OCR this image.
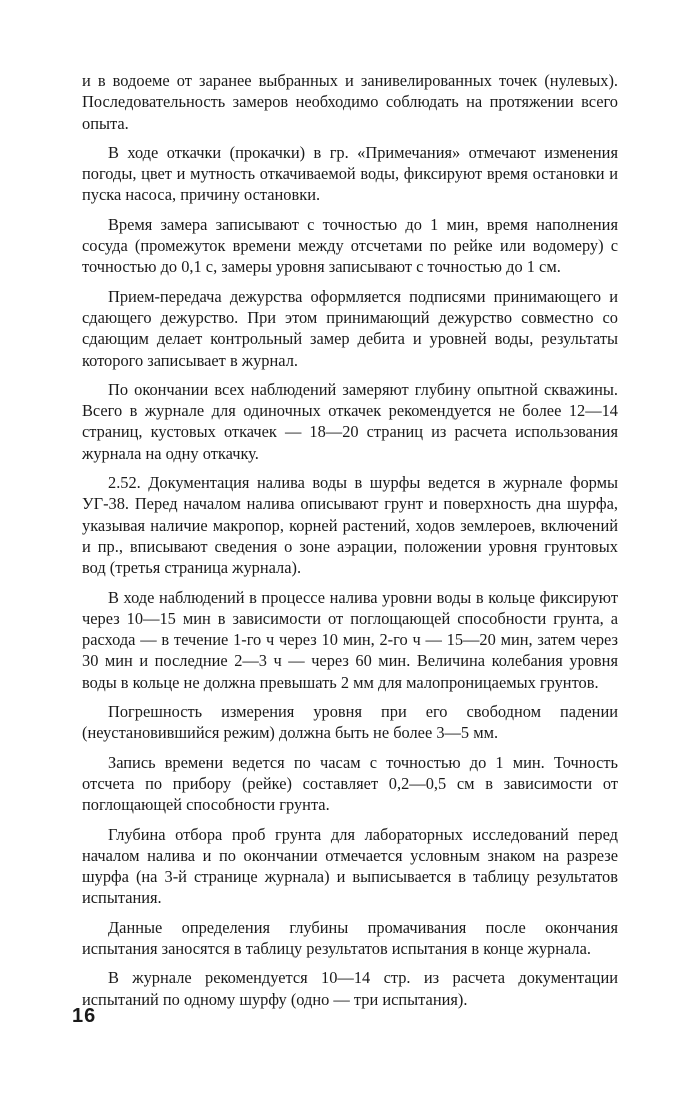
и в водоеме от заранее выбранных и занивелированных точек (нулевых). Последовательность замеров необходимо соблюдать на протяжении всего опыта.

В ходе откачки (прокачки) в гр. «Примечания» отмечают изменения погоды, цвет и мутность откачиваемой воды, фиксируют время остановки и пуска насоса, причину остановки.

Время замера записывают с точностью до 1 мин, время наполнения сосуда (промежуток времени между отсчетами по рейке или водомеру) с точностью до 0,1 с, замеры уровня записывают с точностью до 1 см.

Прием-передача дежурства оформляется подписями принимающего и сдающего дежурство. При этом принимающий дежурство совместно со сдающим делает контрольный замер дебита и уровней воды, результаты которого записывает в журнал.

По окончании всех наблюдений замеряют глубину опытной скважины. Всего в журнале для одиночных откачек рекомендуется не более 12—14 страниц, кустовых откачек — 18—20 страниц из расчета использования журнала на одну откачку.

2.52. Документация налива воды в шурфы ведется в журнале формы УГ-38. Перед началом налива описывают грунт и поверхность дна шурфа, указывая наличие макропор, корней растений, ходов землероев, включений и пр., вписывают сведения о зоне аэрации, положении уровня грунтовых вод (третья страница журнала).

В ходе наблюдений в процессе налива уровни воды в кольце фиксируют через 10—15 мин в зависимости от поглощающей способности грунта, а расхода — в течение 1-го ч через 10 мин, 2-го ч — 15—20 мин, затем через 30 мин и последние 2—3 ч — через 60 мин. Величина колебания уровня воды в кольце не должна превышать 2 мм для малопроницаемых грунтов.

Погрешность измерения уровня при его свободном падении (неустановившийся режим) должна быть не более 3—5 мм.

Запись времени ведется по часам с точностью до 1 мин. Точность отсчета по прибору (рейке) составляет 0,2—0,5 см в зависимости от поглощающей способности грунта.

Глубина отбора проб грунта для лабораторных исследований перед началом налива и по окончании отмечается условным знаком на разрезе шурфа (на 3-й странице журнала) и выписывается в таблицу результатов испытания.

Данные определения глубины промачивания после окончания испытания заносятся в таблицу результатов испытания в конце журнала.

В журнале рекомендуется 10—14 стр. из расчета документации испытаний по одному шурфу (одно — три испытания).

16
